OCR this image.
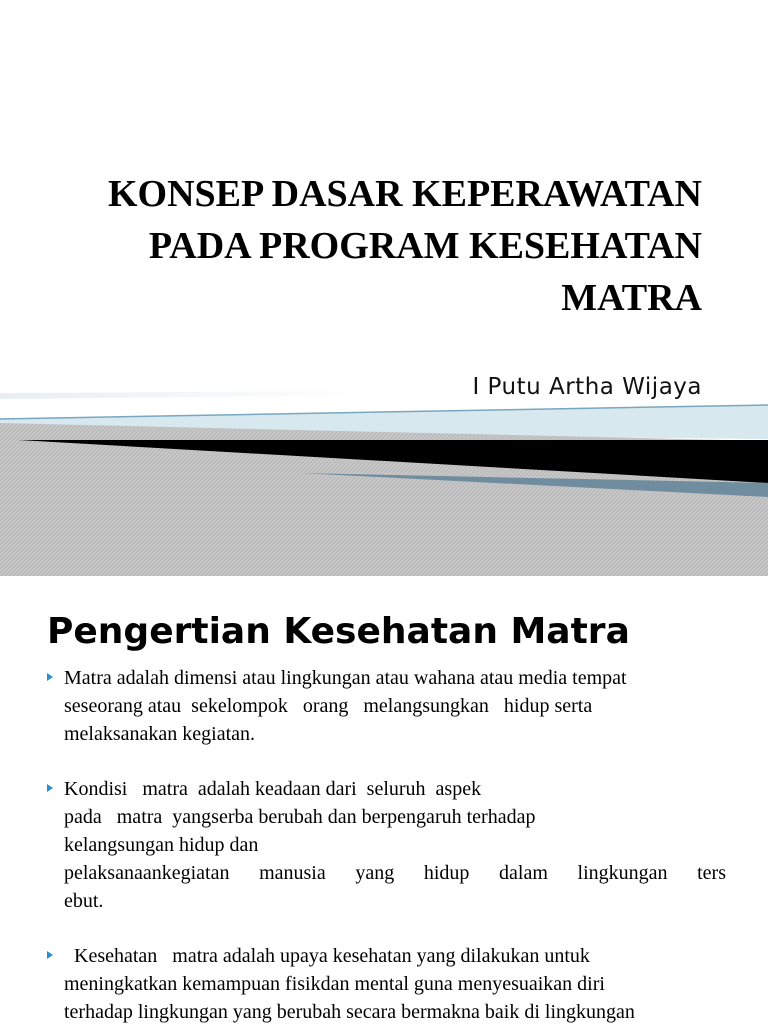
KONSEP DASAR KEPERAWATAN
PADA PROGRAM KESEHATAN
MATRA

I Putu Artha Wijaya

Pengertian Kesehatan Matra
Matra adalah dimensi atau lingkungan atau wahana atau media tempat
seseorang atau  sekelompok   orang   melangsungkan   hidup serta
melaksanakan kegiatan.
Kondisi   matra  adalah keadaan dari  seluruh  aspek
pada   matra  yangserba berubah dan berpengaruh terhadap
kelangsungan hidup dan
pelaksanaankegiatan manusia yang hidup dalam lingkungan ters
ebut.
Kesehatan   matra adalah upaya kesehatan yang dilakukan untuk
meningkatkan kemampuan fisikdan mental guna menyesuaikan diri
terhadap lingkungan yang berubah secara bermakna baik di lingkungan
